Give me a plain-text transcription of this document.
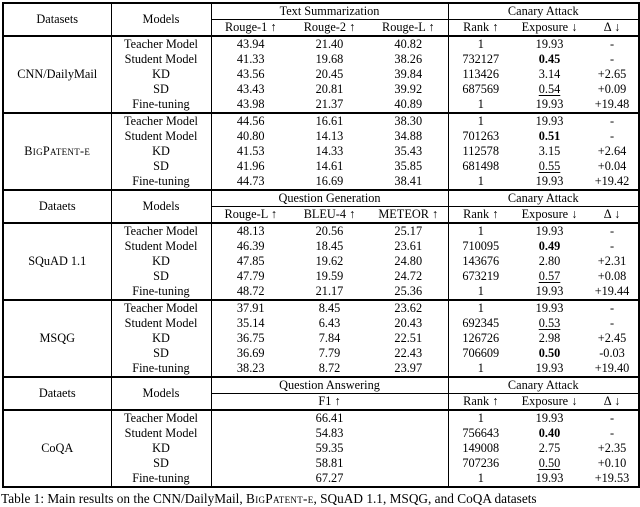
Datasets	Models	Text Summarization			Canary Attack		
		Rouge-1 ↑	Rouge-2 ↑	Rouge-L ↑	Rank ↑	Exposure ↓	Δ ↓
CNN/DailyMail	Teacher Model	43.94	21.40	40.82	1	19.93	-
	Student Model	41.33	19.68	38.26	732127	0.45	-
	KD	43.56	20.45	39.84	113426	3.14	+2.65
	SD	43.43	20.81	39.92	687569	0.54	+0.09
	Fine-tuning	43.98	21.37	40.89	1	19.93	+19.48
BigPatent-e	Teacher Model	44.56	16.61	38.30	1	19.93	-
	Student Model	40.80	14.13	34.88	701263	0.51	-
	KD	41.53	14.33	35.43	112578	3.15	+2.64
	SD	41.96	14.61	35.85	681498	0.55	+0.04
	Fine-tuning	44.73	16.69	38.41	1	19.93	+19.42
Dataets	Models	Question Generation			Canary Attack		
		Rouge-L ↑	BLEU-4 ↑	METEOR ↑	Rank ↑	Exposure ↓	Δ ↓
SQuAD 1.1	Teacher Model	48.13	20.56	25.17	1	19.93	-
	Student Model	46.39	18.45	23.61	710095	0.49	-
	KD	47.85	19.62	24.80	143676	2.80	+2.31
	SD	47.79	19.59	24.72	673219	0.57	+0.08
	Fine-tuning	48.72	21.17	25.36	1	19.93	+19.44
MSQG	Teacher Model	37.91	8.45	23.62	1	19.93	-
	Student Model	35.14	6.43	20.43	692345	0.53	-
	KD	36.75	7.84	22.51	126726	2.98	+2.45
	SD	36.69	7.79	22.43	706609	0.50	-0.03
	Fine-tuning	38.23	8.72	23.97	1	19.93	+19.40
Dataets	Models	Question Answering			Canary Attack		
		F1 ↑			Rank ↑	Exposure ↓	Δ ↓
CoQA	Teacher Model	66.41			1	19.93	-
	Student Model	54.83			756643	0.40	-
	KD	59.35			149008	2.75	+2.35
	SD	58.81			707236	0.50	+0.10
	Fine-tuning	67.27			1	19.93	+19.53
Table 1: Main results on the CNN/DailyMail, BigPatent-e, SQuAD 1.1, MSQG, and CoQA datasets
